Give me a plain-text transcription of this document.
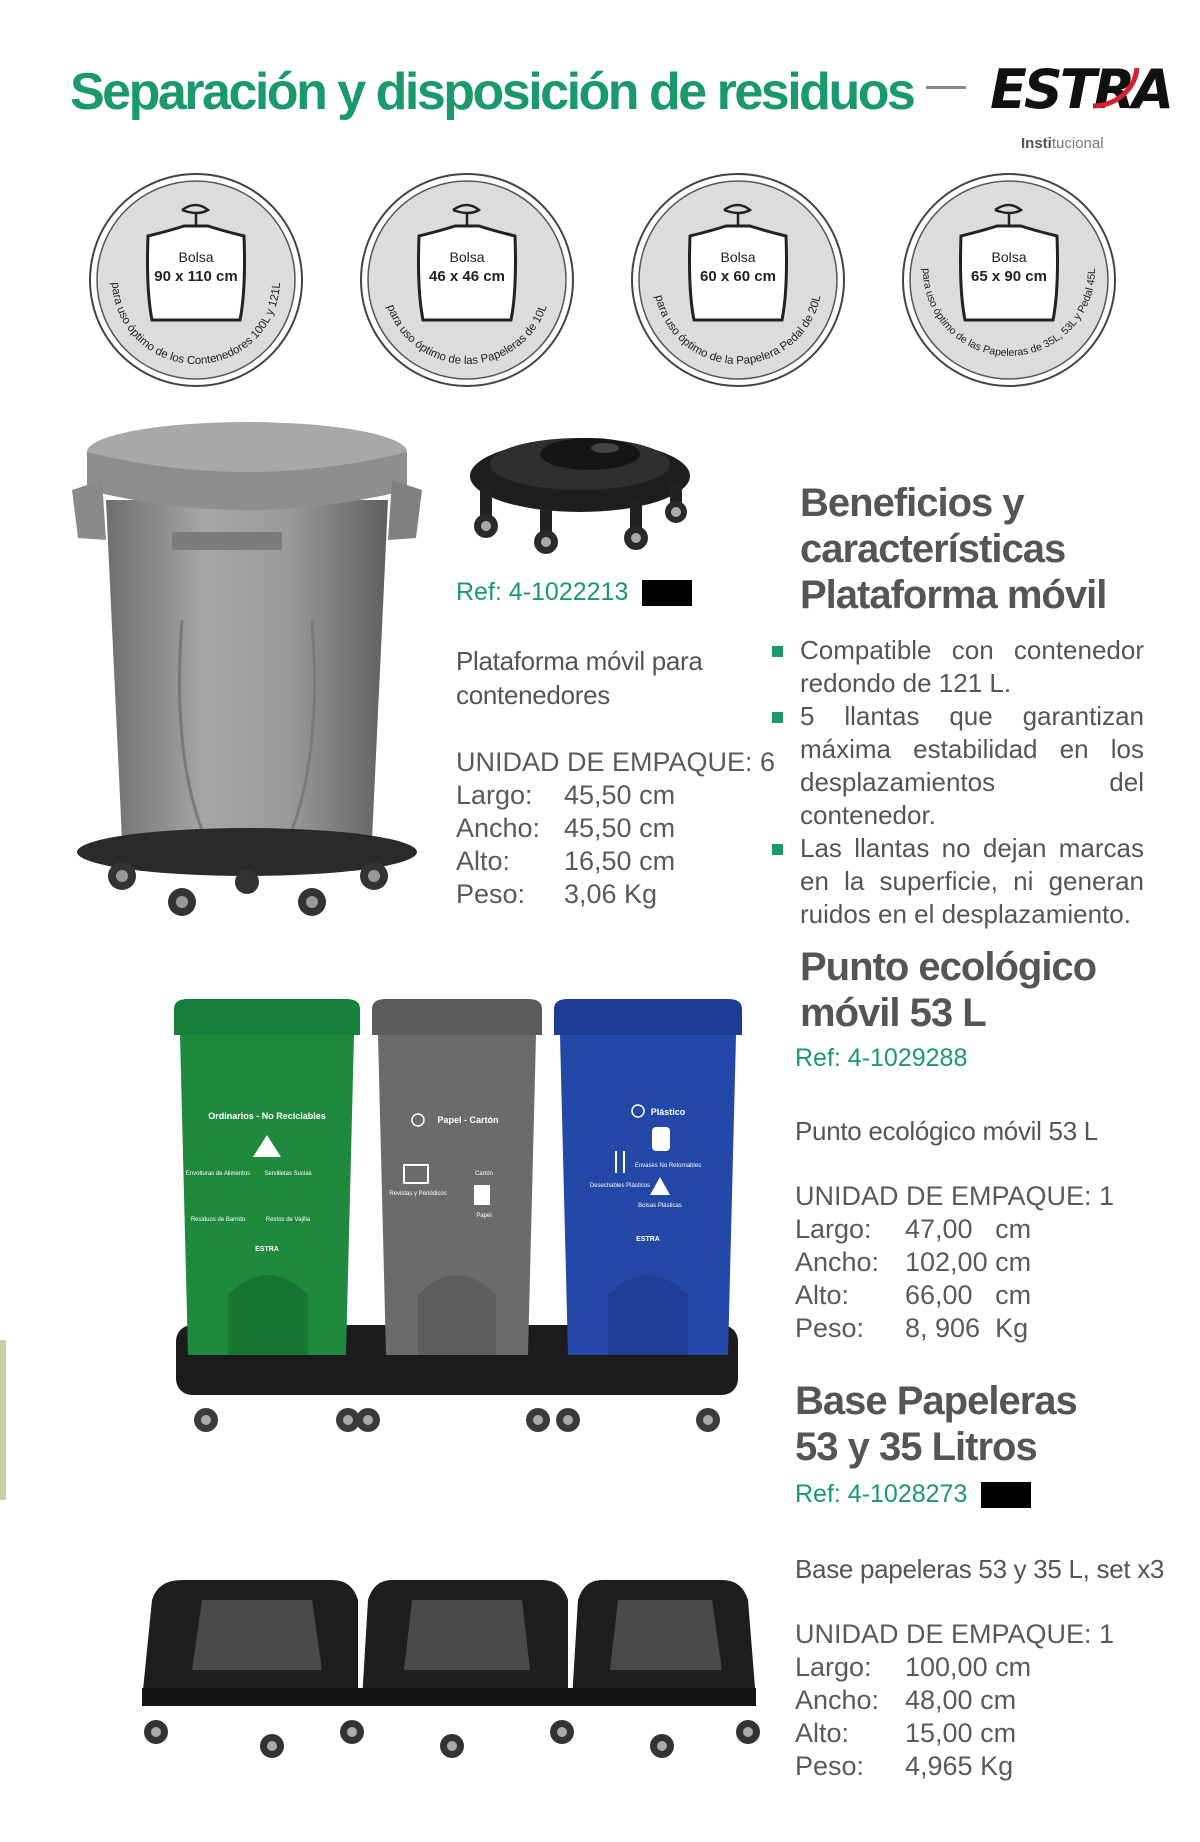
Separación y disposición de residuos ESTRA
Institucional
Bolsa
90 x 110 cm
para uso óptimo de los Contenedores 100L y 121L
Bolsa
46 x 46 cm
para uso óptimo de las Papeleras de 10L
Bolsa
60 x 60 cm
para uso óptimo de la Papelera Pedal de 20L
Bolsa
65 x 90 cm
para uso óptimo de las Papeleras de 35L, 53L y Pedal 45L
Ref: 4-1022213
Plataforma móvil para
contenedores
UNIDAD DE EMPAQUE: 6
Largo:	45,50 cm
Ancho: 45,50 cm
Alto:	16,50 cm
Peso:	3,06 Kg
Beneficios y
características
Plataforma móvil
Compatible con contenedor redondo de 121 L.
5 llantas que garantizan máxima estabilidad en los desplazamientos del contenedor.
Las llantas no dejan marcas en la superficie, ni generan ruidos en el desplazamiento.
Punto ecológico
móvil 53 L
Ref: 4-1029288
Punto ecológico móvil 53 L
UNIDAD DE EMPAQUE: 1
Largo:	47,00   cm
Ancho: 102,00 cm
Alto:	66,00   cm
Peso:	8, 906  Kg
Ordinarios - No Reciclables
Envolturas de Alimentos Servilletas Sucias
Residuos de Barrido	Restos de Vajilla
ESTRA
Papel - Cartón
Cartón
Revistas y Periódicos
Papel
Plástico
Envases No Retornables
Desechables Plásticos
Bolsas Plásticas
ESTRA
Base Papeleras
53 y 35 Litros
Ref: 4-1028273
Base papeleras 53 y 35 L, set x3
UNIDAD DE EMPAQUE: 1
Largo:	100,00 cm
Ancho: 48,00 cm
Alto:	15,00 cm
Peso:	4,965 Kg
